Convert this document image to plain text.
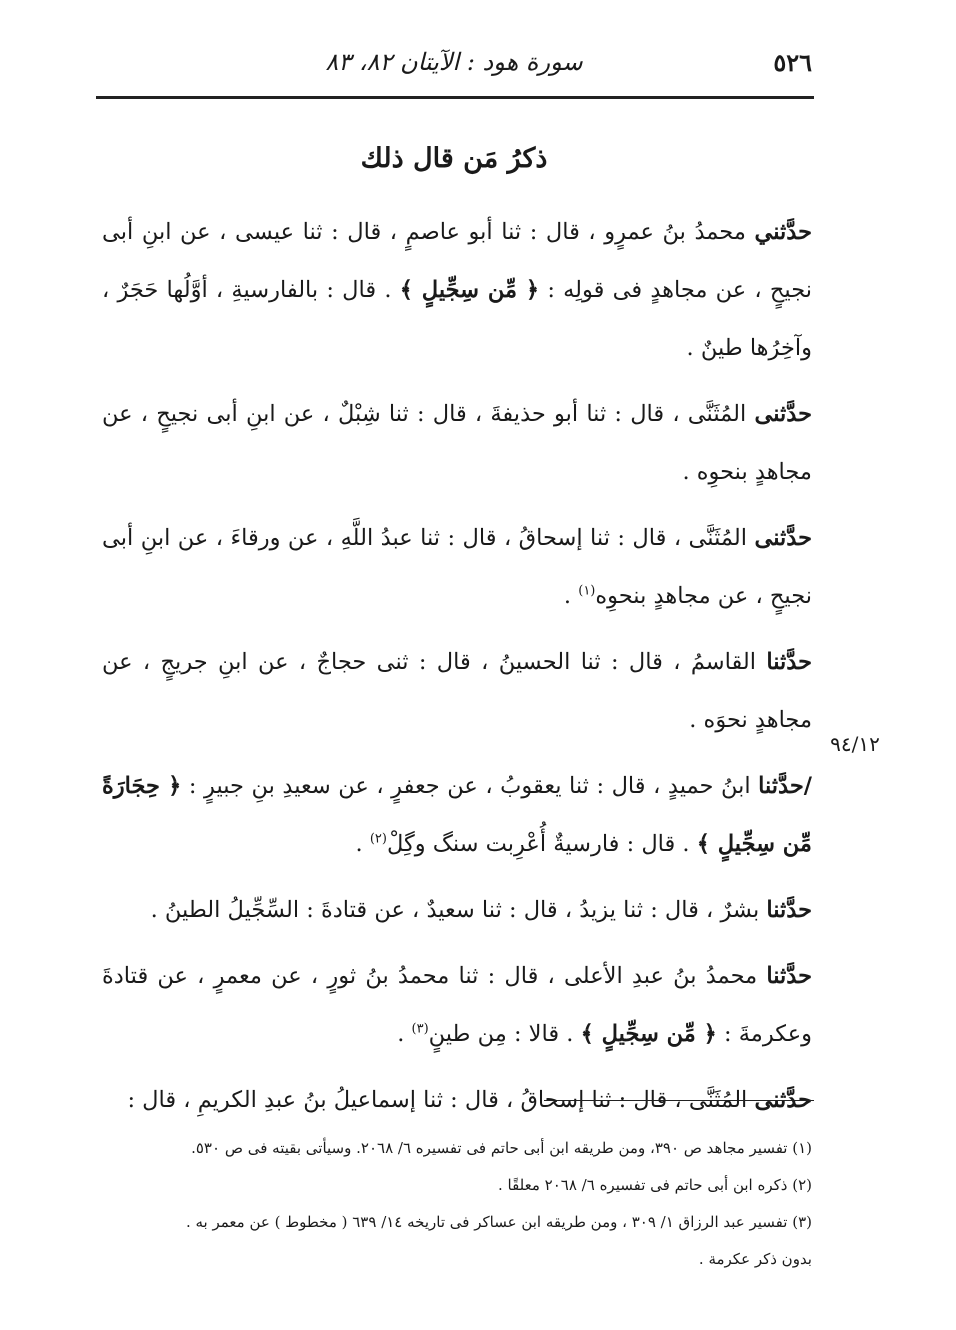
٥٢٦
سورة هود : الآيتان ٨٢، ٨٣
ذكرُ مَن قال ذلك

حدَّثني محمدُ بنُ عمرٍو ، قال : ثنا أبو عاصمٍ ، قال : ثنا عيسى ، عن ابنِ أبى نجيحٍ ، عن مجاهدٍ فى قولِه : ﴿ مِّن سِجِّيلٍ ﴾ . قال : بالفارسيةِ ، أوَّلُها حَجَرٌ ، وآخِرُها طينٌ .

حدَّثنى المُثَنَّى ، قال : ثنا أبو حذيفةَ ، قال : ثنا شِبْلٌ ، عن ابنِ أبى نجيحٍ ، عن مجاهدٍ بنحوِه .

حدَّثنى المُثَنَّى ، قال : ثنا إسحاقُ ، قال : ثنا عبدُ اللَّهِ ، عن ورقاءَ ، عن ابنِ أبى نجيحٍ ، عن مجاهدٍ بنحوِه$^{(١)}$ .

حدَّثنا القاسمُ ، قال : ثنا الحسينُ ، قال : ثنى حجاجٌ ، عن ابنِ جريجٍ ، عن مجاهدٍ نحوَه .

/حدَّثنا ابنُ حميدٍ ، قال : ثنا يعقوبُ ، عن جعفرٍ ، عن سعيدِ بنِ جبيرٍ : ﴿ حِجَارَةً مِّن سِجِّيلٍ ﴾ . قال : فارسيةٌ أُعْرِبت سنگ وگِلْ$^{(٢)}$ .

حدَّثنا بشرٌ ، قال : ثنا يزيدُ ، قال : ثنا سعيدٌ ، عن قتادةَ : السِّجِّيلُ الطينُ .

حدَّثنا محمدُ بنُ عبدِ الأعلى ، قال : ثنا محمدُ بنُ ثورٍ ، عن معمرٍ ، عن قتادةَ وعكرمةَ : ﴿ مِّن سِجِّيلٍ ﴾ . قالا : مِن طينٍ$^{(٣)}$ .

حدَّثنى المُثَنَّى ، قال : ثنا إسحاقُ ، قال : ثنا إسماعيلُ بنُ عبدِ الكريمِ ، قال :

٩٤/١٢

(١) تفسير مجاهد ص ٣٩٠، ومن طريقه ابن أبى حاتم فى تفسيره ٦/ ٢٠٦٨. وسيأتى بقيته فى ص ٥٣٠.

(٢) ذكره ابن أبى حاتم فى تفسيره ٦/ ٢٠٦٨ معلقًا .

(٣) تفسير عبد الرزاق ١/ ٣٠٩ ، ومن طريقه ابن عساكر فى تاريخه ١٤/ ٦٣٩ ( مخطوط ) عن معمر به .

بدون ذكر عكرمة .
